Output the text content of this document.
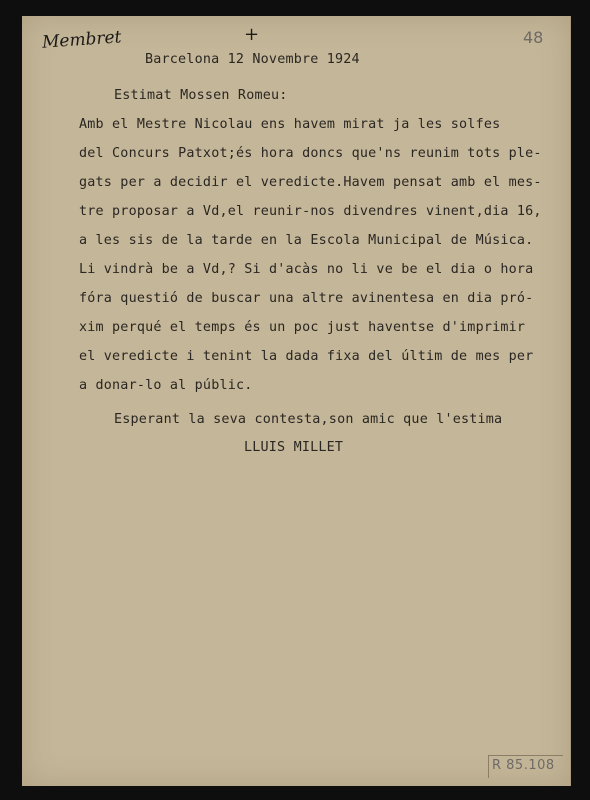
Membret	+	48
Barcelona 12 Novembre 1924
Estimat Mossen Romeu:
Amb el Mestre Nicolau ens havem mirat ja les solfes
del Concurs Patxot;és hora doncs que'ns reunim tots ple-
gats per a decidir el veredicte.Havem pensat amb el mes-
tre proposar a Vd,el reunir-nos divendres vinent,dia 16,
a les sis de la tarde en la Escola Municipal de Música.
Li vindrà be a Vd,? Si d'acàs no li ve be el dia o hora
fóra questió de buscar una altre avinentesa en dia pró-
xim perqué el temps és un poc just haventse d'imprimir
el veredicte i tenint la dada fixa del últim de mes per
a donar-lo al públic.
Esperant la seva contesta,son amic que l'estima
LLUIS MILLET
R 85.108
